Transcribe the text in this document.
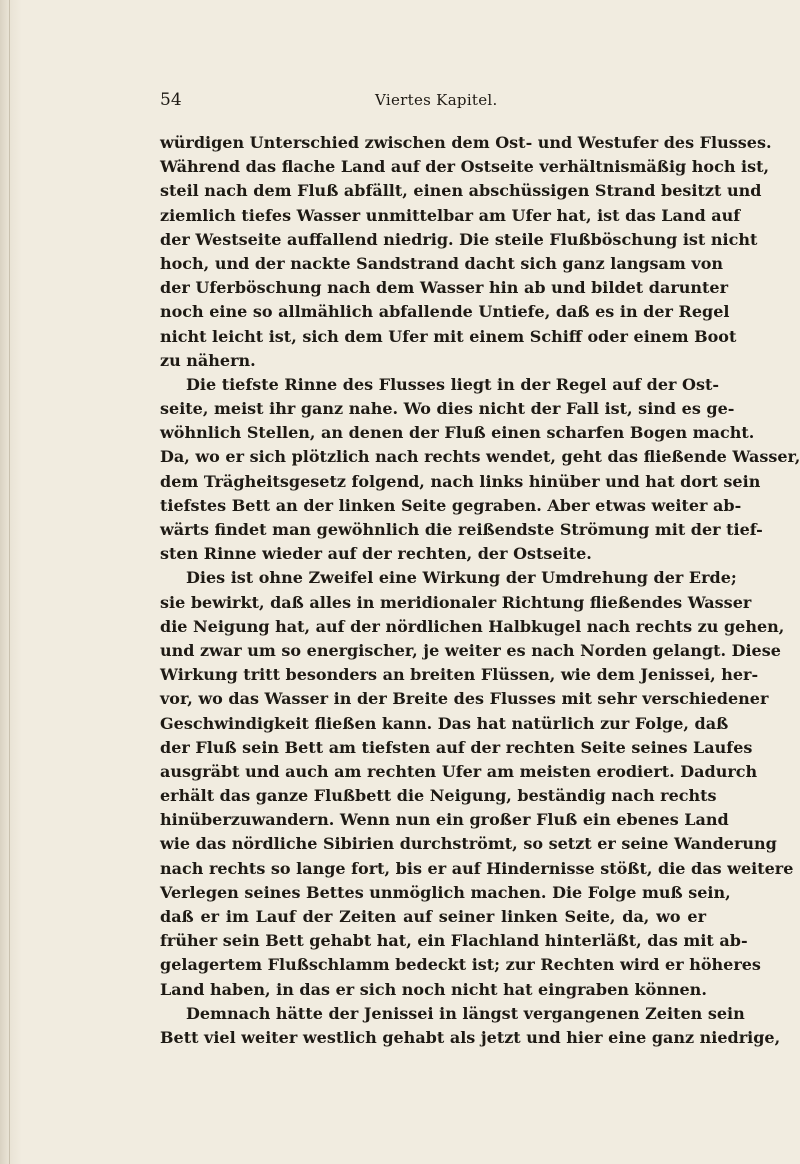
54	Viertes Kapitel.
würdigen Unterschied zwischen dem Ost- und Westufer des Flusses.
Während das flache Land auf der Ostseite verhältnismäßig hoch ist,
steil nach dem Fluß abfällt, einen abschüssigen Strand besitzt und
ziemlich tiefes Wasser unmittelbar am Ufer hat, ist das Land auf
der Westseite auffallend niedrig. Die steile Flußböschung ist nicht
hoch, und der nackte Sandstrand dacht sich ganz langsam von
der Uferböschung nach dem Wasser hin ab und bildet darunter
noch eine so allmählich abfallende Untiefe, daß es in der Regel
nicht leicht ist, sich dem Ufer mit einem Schiff oder einem Boot
zu nähern.
Die tiefste Rinne des Flusses liegt in der Regel auf der Ost-
seite, meist ihr ganz nahe. Wo dies nicht der Fall ist, sind es ge-
wöhnlich Stellen, an denen der Fluß einen scharfen Bogen macht.
Da, wo er sich plötzlich nach rechts wendet, geht das fließende Wasser,
dem Trägheitsgesetz folgend, nach links hinüber und hat dort sein
tiefstes Bett an der linken Seite gegraben. Aber etwas weiter ab-
wärts findet man gewöhnlich die reißendste Strömung mit der tief-
sten Rinne wieder auf der rechten, der Ostseite.
Dies ist ohne Zweifel eine Wirkung der Umdrehung der Erde;
sie bewirkt, daß alles in meridionaler Richtung fließendes Wasser
die Neigung hat, auf der nördlichen Halbkugel nach rechts zu gehen,
und zwar um so energischer, je weiter es nach Norden gelangt. Diese
Wirkung tritt besonders an breiten Flüssen, wie dem Jenissei, her-
vor, wo das Wasser in der Breite des Flusses mit sehr verschiedener
Geschwindigkeit fließen kann. Das hat natürlich zur Folge, daß
der Fluß sein Bett am tiefsten auf der rechten Seite seines Laufes
ausgräbt und auch am rechten Ufer am meisten erodiert. Dadurch
erhält das ganze Flußbett die Neigung, beständig nach rechts
hinüberzuwandern. Wenn nun ein großer Fluß ein ebenes Land
wie das nördliche Sibirien durchströmt, so setzt er seine Wanderung
nach rechts so lange fort, bis er auf Hindernisse stößt, die das weitere
Verlegen seines Bettes unmöglich machen. Die Folge muß sein,
daß er im Lauf der Zeiten auf seiner linken Seite, da, wo er
früher sein Bett gehabt hat, ein Flachland hinterläßt, das mit ab-
gelagertem Flußschlamm bedeckt ist; zur Rechten wird er höheres
Land haben, in das er sich noch nicht hat eingraben können.
Demnach hätte der Jenissei in längst vergangenen Zeiten sein
Bett viel weiter westlich gehabt als jetzt und hier eine ganz niedrige,
